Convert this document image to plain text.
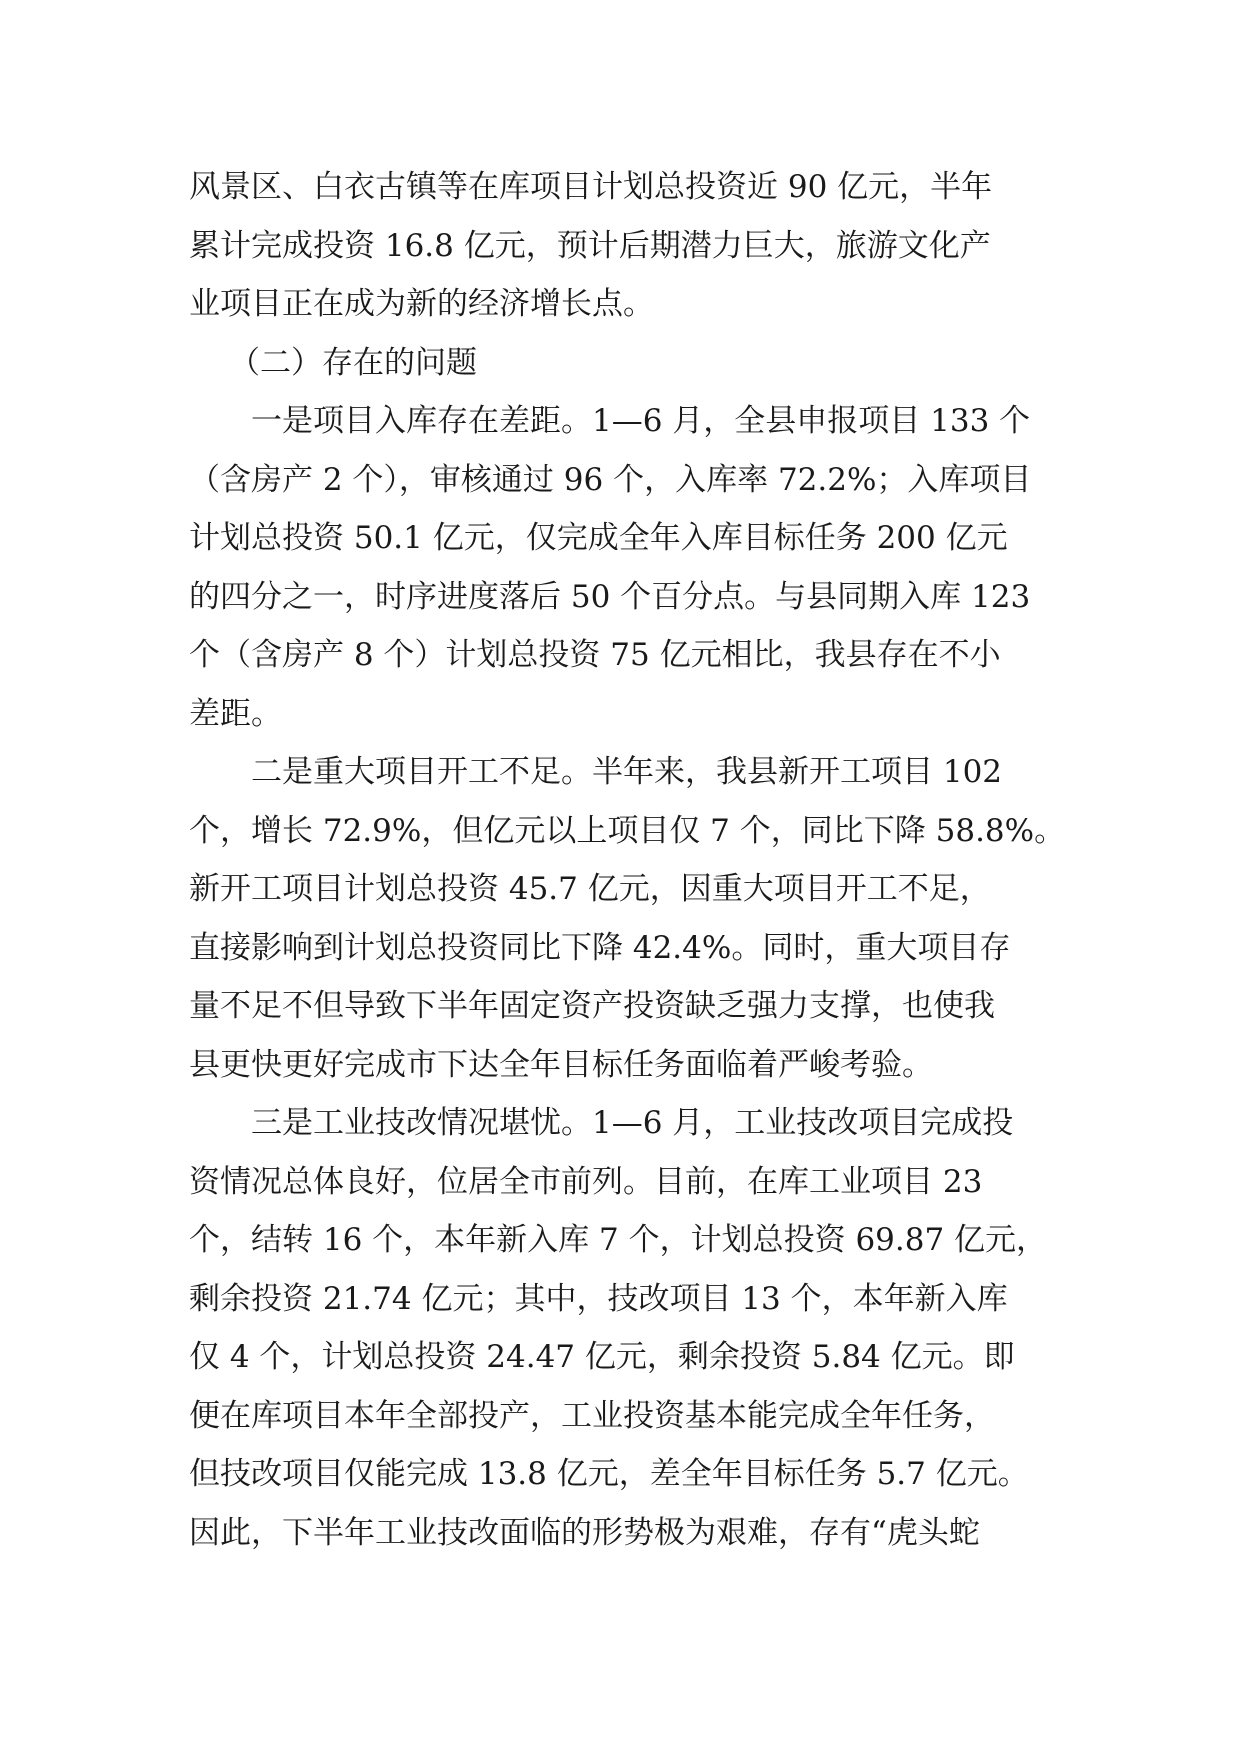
风景区、白衣古镇等在库项目计划总投资近 90 亿元，半年
累计完成投资 16.8 亿元，预计后期潜力巨大，旅游文化产
业项目正在成为新的经济增长点。
（二）存在的问题
一是项目入库存在差距。1—6 月，全县申报项目 133 个
（含房产 2 个），审核通过 96 个，入库率 72.2%；入库项目
计划总投资 50.1 亿元，仅完成全年入库目标任务 200 亿元
的四分之一，时序进度落后 50 个百分点。与县同期入库 123
个（含房产 8 个）计划总投资 75 亿元相比，我县存在不小
差距。
二是重大项目开工不足。半年来，我县新开工项目 102
个，增长 72.9%，但亿元以上项目仅 7 个，同比下降 58.8%。
新开工项目计划总投资 45.7 亿元，因重大项目开工不足，
直接影响到计划总投资同比下降 42.4%。同时，重大项目存
量不足不但导致下半年固定资产投资缺乏强力支撑，也使我
县更快更好完成市下达全年目标任务面临着严峻考验。
三是工业技改情况堪忧。1—6 月，工业技改项目完成投
资情况总体良好，位居全市前列。目前，在库工业项目 23
个，结转 16 个，本年新入库 7 个，计划总投资 69.87 亿元，
剩余投资 21.74 亿元；其中，技改项目 13 个，本年新入库
仅 4 个，计划总投资 24.47 亿元，剩余投资 5.84 亿元。即
便在库项目本年全部投产，工业投资基本能完成全年任务，
但技改项目仅能完成 13.8 亿元，差全年目标任务 5.7 亿元。
因此，下半年工业技改面临的形势极为艰难，存有“虎头蛇
